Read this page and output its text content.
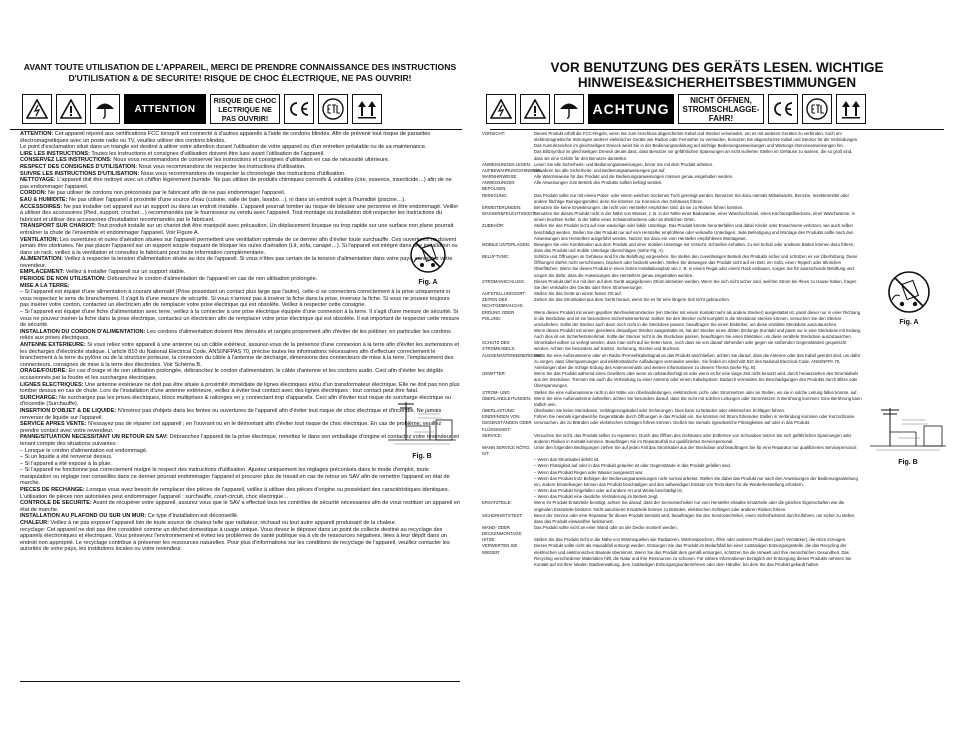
AVANT TOUTE UTILISATION DE L'APPAREIL, MERCI DE PRENDRE CONNAISSANCE DES INSTRUCTIONS D'UTILISATION & DE SECURITE! RISQUE DE CHOC ÉLECTRIQUE, NE PAS OUVRIR!
ATTENTION
RISQUE DE CHOC LECTRIQUE NE PAS OUVRIR!

ATTENTION: Cet appareil répond aux certifications FCC lorsqu'il est connecté à d'autres appareils à l'aide de cordons blindés. Afin de prévenir tout risque de parasites électromagnétiques avec un poste radio ou TV, veuillez utiliser des cordons blindés.

Le point d'exclamation situé dans un triangle est destiné à attirer votre attention durant l'utilisation de votre appareil ou d'un entretien préalable ou de sa maintenance.

LIRE LES INSTRUCTIONS: Toutes les instructions et consignes d'utilisation doivent être lues avant l'utilisation de l'appareil.

CONSERVEZ LES INSTRUCTIONS: Nous vous recommandons de conserver les instructions et consignes d'utilisation en cas de nécessité ultérieure.

RESPECT DES CONSIGNES D'UTILISATION: Nous vous recommandons de respecter les instructions d'utilisation.

SUIVRE LES INSTRUCTIONS D'UTILISATION: Nous vous recommandons de respecter la chronologie des instructions d'utilisation.

NETTOYAGE: L'appareil doit être nettoyé avec un chiffon légèrement humide. Ne pas utiliser de produits chimiques corrosifs & volatiles (cire, essence, insecticide…) afin de ne pas endommager l'appareil.

CORDON: Ne pas utiliser de cordons non préconisés par le fabricant afin de ne pas endommager l'appareil.

EAU & HUMIDITE: Ne pas utiliser l'appareil à proximité d'une source d'eau (cuisine, salle de bain, lavabo…), ni dans un endroit sujet à l'humidité (piscine…).

ACCESSOIRES: Ne pas installer cet appareil sur un support ou dans un endroit instable. L'appareil pourrait tomber au risque de blesser une personne et être endommagé. Veiller à utiliser des accessoires (Pied, support, crochet…) recommandés par le fournisseur ou vendu avec l'appareil. Tout montage ou installation doit respecter les instructions du fabricant et utiliser des accessoires d'installation recommandés par le fabricant.

TRANSPORT SUR CHARIOT: Tout produit installé sur un chariot doit être manipulé avec précaution. Un déplacement brusque ou trop rapide sur une surface non plane pourrait entraîner la chute de l'ensemble et endommager l'appareil. Voir Figure A.

VENTILATION: Les ouvertures et ouïes d'aération situées sur l'appareil permettent une ventilation optimale de ce dernier afin d'éviter toute surchauffe. Ces ouvertures ne doivent jamais être obstruées. Ne pas placer l'appareil sur un support souple risquant de bloquer les ouïes d'aération (Lit, sofa, canapé…). Si l'appareil est intégré dans une installation ou dans un rack, veillez à la ventilation et consultez le fabricant pour toute information complémentaire.

ALIMENTATION: Veillez à respecter la tension d'alimentation située au dos de l'appareil. Si vous n'êtes pas certain de la tension d'alimentation dans votre pays, contactez votre revendeur.

EMPLACEMENT: Veillez à installer l'appareil sur un support stable.

PERIODE DE NON UTILISATION: Débranchez le cordon d'alimentation de l'appareil en cas de non utilisation prolongée.

MISE A LA TERRE:

– Si l'appareil est équipé d'une alimentation à courant alternatif (Prise possédant un contact plus large que l'autre), celle-ci se connectera correctement à la prise uniquement si vous respectez le sens de branchement. Il s'agit là d'une mesure de sécurité. Si vous n'arrivez pas à insérer la fiche dans la prise, inversez la fiche. Si vous ne pouvez toujours pas insérer votre cordon, contactez un électricien afin de remplacer votre prise électrique qui est obsolète. Veillez à respecter cette consigne.

– Si l'appareil est équipé d'une fiche d'alimentation avec terre, veillez à la connecter à une prise électrique équipée d'une connexion à la terre. Il s'agit d'une mesure de sécurité. Si vous ne pouvez insérer la fiche dans la prise électrique, contactez un électricien afin de remplacer votre prise électrique qui est obsolète. Il est important de respecter cette mesure de sécurité.

INSTALLATION DU CORDON D'ALIMENTATION: Les cordons d'alimentation doivent être déroulés et rangés proprement afin d'éviter de les piétiner, en particulier les cordons reliés aux prises électriques.

ANTENNE EXTERIEURE: Si vous reliez votre appareil à une antenne ou un câble extérieur, assurez-vous de la présence d'une connexion à la terre afin d'éviter les surtensions et les décharges d'électricité statique. L'article 810 du National Electrical Code, ANSI/NFPAS 70, précise toutes les informations nécessaires afin d'effectuer correctement le branchement à la terre du pylône ou de la structure porteuse, la connexion du câble à l'antenne de décharge, dimensions des connecteurs de mise à la terre, l'emplacement des connecteurs, consignes de mise à la terre des électrodes. Voir Schéma B.

ORAGE/FOUDRE: En cas d'orage et de non utilisation prolongée, débranchez le cordon d'alimentation, le câble d'antenne et les cordons audio. Ceci afin d'éviter les dégâts occasionnés par la foudre et les surcharges électriques.

LIGNES ELECTRIQUES: Une antenne extérieure ne doit pas être située à proximité immédiate de lignes électriques et/ou d'un transformateur électrique. Elle ne doit pas non plus tomber dessus en cas de chute. Lors de l'installation d'une antenne extérieure, veillez à éviter tout contact avec des lignes électriques : tout contact peut être fatal.

SURCHARGE: Ne surchargez pas les prises électriques, blocs multiprises & rallonges en y connectant trop d'appareils. Ceci afin d'éviter tout risque de surcharge électrique ou d'incendie (Surchauffe).

INSERTION D'OBJET & DE LIQUIDE: N'insérez pas d'objets dans les fentes ou ouvertures de l'appareil afin d'éviter tout risque de choc électrique et d'incendie. Ne jamais renverser de liquide sur l'appareil.

SERVICE APRES VENTE: N'essayez pas de réparer cet appareil ; en l'ouvrant ou en le démontant afin d'éviter tout risque de choc électrique. En cas de problème, veuillez prendre contact avec votre revendeur.

PANNE/SITUATION NECESSITANT UN RETOUR EN SAV: Débranchez l'appareil de la prise électrique, remettez le dans son emballage d'origine et contactez votre revendeur en tenant compte des situations suivantes :

– Lorsque le cordon d'alimentation est endommagé.

– Si un liquide a été renversé dessus.

– Si l'appareil a été exposé à la pluie.

– Si l'appareil ne fonctionne pas correctement malgré le respect des instructions d'utilisation. Ajustez uniquement les réglages préconisés dans le mode d'emploi, toute manipulation ou réglage non conseillés dans ce dernier pourrait endommager l'appareil et procurer plus de travail en cas de retour en SAV afin de remettre l'appareil en état de marche.

PIECES DE RECHANGE: Lorsque vous avez besoin de remplacer des pièces de l'appareil, veillez à utiliser des pièces d'origine ou possédant des caractéristiques identiques. L'utilisation de pièces non autorisées peut endommager l'appareil : surchauffe, court-circuit, choc électrique…

CONTROLE DE SECURITE: Avant de récupérer votre appareil, assurez vous que le SAV a effectué tous les contrôles de sécurité nécessaires afin de vous restituer un appareil en état de marche.

INSTALLATION AU PLAFOND OU SUR UN MUR: Ce type d'installation est déconseillé.

CHALEUR: Veillez à ne pas exposer l'appareil loin de toute source de chaleur telle que radiateur, réchaud ou tout autre appareil produisant de la chaleur.

recyclage: Cet appareil ne doit pas être considéré comme un déchet domestique à usage unique. Vous devez le déposer dans un point de collecte destiné au recyclage des appareils électroniques et électriques. Vous préservez l'environnement et évitez les problèmes de santé publique via à vis de ressources négatives, liées à leur dépôt dans un endroit non approprié. Le recyclage contribue à préserver les ressources naturelles. Pour plus d'informations sur les conditions de recyclage de l'appareil, veuillez contacter les autorités de votre pays, les institutions locales ou votre revendeur.

Fig. A
Fig. B
VOR BENUTZUNG DES GERÄTS LESEN. WICHTIGE HINWEISE&SICHERHEITSBESTIMMUNGEN
ACHTUNG
NICHT ÖFFNEN, STROMSCHLAGGE-FAHR!
VORSICHT:	Dieses Produkt erfüllt die FCC-Regeln, wenn Sie zum Anschluss abgeschirmte Kabel und Stecker verwenden, um es mit anderen Geräten zu verbinden. Auch um elektromagnetische Störungen anderer elektrischer Geräte wie Radios oder Fernseher zu vermeiden, benutzen Sie abgeschirmte Kabel und Stecker für die Verbindungen.
Das Ausrufezeichen im gleichseitigen Dreieck weist Sie in der Bedienungsanleitung auf wichtige Bedienungsanweisungen und Wartungs-/Serviceanweisungen hin.
Das Blitzsymbol im gleichseitigen Dreieck deutet dass, dass Benutzer vor gefährlichen Spannungen an nicht isolierten Stellen im Gehäuse zu warnen, die so groß sind, dass sie eine Gefahr für den Benutzer darstellen.
ANWEISUNGEN LESEN: Lesen Sie alle Sicherheits- und Bedienungsanweisungen, bevor Sie mit dem Produkt arbeiten.
AUFBEWAHRUNGSHINWEIS:
Bewahren Sie alle Sicherheits- und Bedienungsanweisungen gut auf.
WARNHINWEISE:	Alle Warnhinweise für das Produkt und die Bedienungsanweisungen müssen genau eingehalten werden.
ANWEISUNGEN BEFOLGEN:
Alle Anweisungen zum Betrieb des Produkts sollten befolgt werden.
REINIGUNG:	Das Produkt sollte nur mit einem Polier- oder einem weichen trockenen Tuch gereinigt werden. Benutzen Sie dazu niemals Möbelwachs, Benzine, Insektenmittel oder andere flüchtige Reinigungsmittel, denn Sie könnten zur Korrosion des Gehäuses führen.
ERWEITERUNGEN:	Benutzen Sie keine Erweiterungen, die nicht vom Hersteller empfohlen sind, da sie zu Risiken führen könnten.
WASSER&FEUCHTIGKEIT:
Benutzen Sie dieses Produkt nicht in der Nähe von Wasser, z. B. in der Nähe einer Badewanne, einer Waschschüssel, eines Küchenspülbeckens, einer Waschwanne, in einem feuchten Keller, in der Nähe eines Schwimmbeckens oder an ähnlichen Orten.
ZUBEHÖR:	Stellen Sie das Produkt nicht auf eine wackelige oder labile Unterlage. Das Produkt könnte herunterfallen und dabei Kinder oder Erwachsene verletzen, wie auch selber beschädigt werden. Stellen Sie das Produkt nur auf vom Hersteller empfohlene oder verkaufte Unterlagen. Jede Befestigung und Montage des Produkts sollte nach den Anweisungen des Herstellers ausgeführt werden. Nutzen Sie dazu ein vom Hersteller empfohlenes Montageset.
MOBILE UNTERLAGEN: Bewegen Sie eine Kombination aus dem Produkt und einer mobilen Unterlage mit Vorsicht. Schnelles Anhalten, zu viel Schub oder unebene Böden können dazu führen, dass das Produkt und mobile Unterlage überschlagen (siehe Fig. A).
BELÜFTUNG:	Schlitze und Öffnungen im Gehäuse sind für die Belüftung vorgesehen. Sie stellen den zuverlässigen Betrieb des Produkts sicher und schützen es vor Überhitzung. Diese Öffnungen dürfen nicht verschlossen, blockiert oder bedeckt werden. Stellen Sie deswegen das Produkt nicht auf ein Bett, ein Sofa, einen Teppich oder ähnlichen Oberflächen. Wenn Sie dieses Produkt in einen festen Installationsplatz wie z. B. in einem Regal oder einem Rack einbauen, sorgen Sie für ausreichende Belüftung und sorgen Sie dafür, dass die Anweisungen des Herstellers genau eingehalten werden.
STROMANSCHLUSS:	Dieses Produkt darf nur mit dem auf dem Gerät angegebenen Strom betrieben werden. Wenn Sie sich nicht sicher sind, welcher Strom bei Ihnen zu Hause haben, fragen Sie den Verkäufer des Geräts oder Ihren Stromversorger.
AUFSTELLUNGSORT:	Stellen Sie das Gerät an einem festen Ort auf.
ZEITEN DES NICHTGEBRAUCHS:
Ziehen Sie das Stromkabel aus dem Gerät heraus, wenn Sie es für eine längere Zeit nicht gebrauchen.
ERDUNG ODER POLUNG:
Wenn dieses Produkt mit einem gepolten Wechselstromstecker (ein Stecker mit einem Kontakt mehr als andere Stecker) ausgestattet ist, passt dieser nur in einer Richtung in die Steckdose und ist ein besonderes Sicherheitsmerkmal. Sollten Sie den Stecker nicht komplett in die Steckdose stecken können, versuchen Sie den Stecker umzudrehen. Sollte der Stecker auch dann noch nicht in die Steckdose passen, beauftragen Sie einen Elektriker, um diese veraltete Steckdose auszutauschen.
Wenn dieses Produkt mit einem geerdeten dreipoligen Stecker ausgestattet ist, hat der Stecker einen dritten (Erdungs-)Kontakt und passt nur in eine Steckdose mit Erdung. Auch dies ist ein Sicherheitsmerkmal. Sollte der Stecker nicht in die Steckdose passen, beauftragen Sie einen Elektriker, um diese veraltete Steckdose auszutauschen.
SCHUTZ DES STROMKABELS:
Stromkabel sollten so verlegt werden, dass man nicht auf sie treten kann, noch dass sie von darauf stehenden oder gegen sie stoßenden Gegenständen gequetscht werden. Achten Sie besonders auf Kanten, Sicherung, Stecker und Buchsen.
AUSSENANTENNENERDUNG:
Wenn Sie eine Außenantenne oder ein Radio-/Fernsehkabelsignal an das Produkt anschließen, achten Sie darauf, dass die Antenne oder das Kabel geerdet sind, um dafür zu sorgen, dass Überspannungen und elektrostatische Aufladungen vermieden werden. Sie finden im Abschnitt 810 des National Electrical Code, ANSI/NFPA 70, Anleitungen über die richtige Erdung des Antennenmasts und weitere Informationen zu diesem Thema (siehe Fig. B).
GEWITTER:	Wenn Sie das Produkt während eines Gewitters oder wenn es unbeaufsichtigt ist oder wenn es für eine lange Zeit nicht benutzt wird, durch herausziehen des Stromkabels aus der Steckdose. Trennen Sie auch die Verbindung zu einer Antenne oder einem Kabelsystem. Dadurch vermeiden Sie Beschädigungen des Produkts durch Blitze oder Überspannungen.
STROM- UND ÜBERLANDLEITUNGEN:
Stellen Sie eine Außenantenne nicht in der Nähe von Überlandleitungen, elektrischem Licht- oder Stromnetzen oder an Stellen, wo sie in solche Leitung fallen könnte, auf. Wenn Sie eine Außenantenne aufstellen, achten Sie besonders darauf, dass Sie nicht mit solchen Leitungen oder Stromnetzen in Berührung kommen. Eine Berührung kann tödlich sein.
ÜBERLASTUNG:	Überlasten Sie keine Steckdosen, Verlängerungskabel oder Sicherungen. Dies kann zu Bränden oder elektrischen Schlägen führen.
EINDRINGEN VON GEGENSTÄNDEN ODER FLÜSSIGKEIT:
Führen Sie niemals irgendwelche Gegenstände durch Öffnungen in das Produkt ein. Sie könnten mit Strom führenden Stellen in Verbindung kommen oder Kurzschlüsse verursachen, die zu Bränden oder elektrischen Schlägen führen können. Gießen Sie niemals irgendwelche Flüssigkeiten auf oder in das Produkt.
SERVICE:	Versuchen Sie nicht, das Produkt selber zu reparieren. Durch das Öffnen des Gehäuses oder Entfernen von Schrauben setzen Sie sich gefährlichen Spannungen oder anderen Risiken in Kontakt kommen. Beauftragen Sie im Reparaturfall nur qualifiziertes Servicepersonal.
WANN SERVICE NÖTIG IST:
Unter den folgenden Bedingungen ziehen Sie auf jeden Fall das Stromkabel aus der Steckdose und beauftragen Sie für eine Reparatur nur qualifiziertes Servicepersonal:
– Wenn das Stromkabel defekt ist.
– Wenn Flüssigkeit auf oder in das Produkt gelaufen ist oder Gegenstände in das Produkt gefallen sind.
– Wenn das Produkt Regen oder Wasser ausgesetzt war.
– Wenn das Produkt trotz Befolgen der Bedienungsanweisungen nicht normal arbeitet. Stellen Sie dabei das Produkt nur nach den Anweisungen der Bedienungsanleitung ein, andere Einstellungen können das Produkt beschädigen und den aufwendigen Einsatz von Technikern für die Wiederherstellung erfordern.
– Wenn das Produkt hingefallen oder auf andere Art und Weise beschädigt ist.
– Wenn das Produkt eine deutliche Veränderung im Betrieb zeigt.
ERSATZTEILE:	Wenn Ihr Produkt Ersatzteile benötigt, achten Sie darauf, dass der Servicetechniker nur vom Hersteller erlaubte Ersatzteile oder die gleichen Eigenschaften wie die originalen Ersatzteile besitzen. Nicht autorisierte Ersatzteile können zu Bränden, elektrischen Schlägen oder anderen Risiken führen.
SICHERHEITSTEST:	Bevor der Service oder eine Reparatur für dieses Produkt beendet wird, beauftragen Sie den Servicetechniker, einen Sicherheitstest durchzuführen, um sicher zu stellen, dass das Produkt einwandfrei funktioniert.
WAND- ODER DECKENMONTAGE:
Das Produkt sollte nicht an einer Wand oder an der Decke montiert werden.
HITZE:	Stellen Sie das Produkt nicht in die Nähe von Wärmequellen wie Radiatoren, Wärmespeichern, Öfen oder anderen Produkten (auch Verstärker), die Hitze erzeugen.
VERWERTEN SIE WIEDER:
Dieses Produkt sollte nicht als Hausabfall entsorgt werden. Entsorgen Sie das Produkt im Bedarfsfall bei einer zuständigen Entsorgungsstelle, die das Recycling der elektrischen und elektronischen Bauteile übernimmt. Wenn Sie das Produkt dem gemäß entsorgen, schützen Sie die Umwelt und Ihre menschlichen Gesundheit. Das Recycling verschiedener Materialien hilft, die Natur und ihre Ressourcen zu schonen. Für nähere Informationen bezüglich der Entsorgung dieses Produkts nehmen Sie Kontakt auf mit Ihrer lokalen Stadtverwaltung, dem zuständigen Entsorgungsunternehmen oder dem Händler, bei dem Sie das Produkt gekauft haben.
Fig. A
Fig. B
